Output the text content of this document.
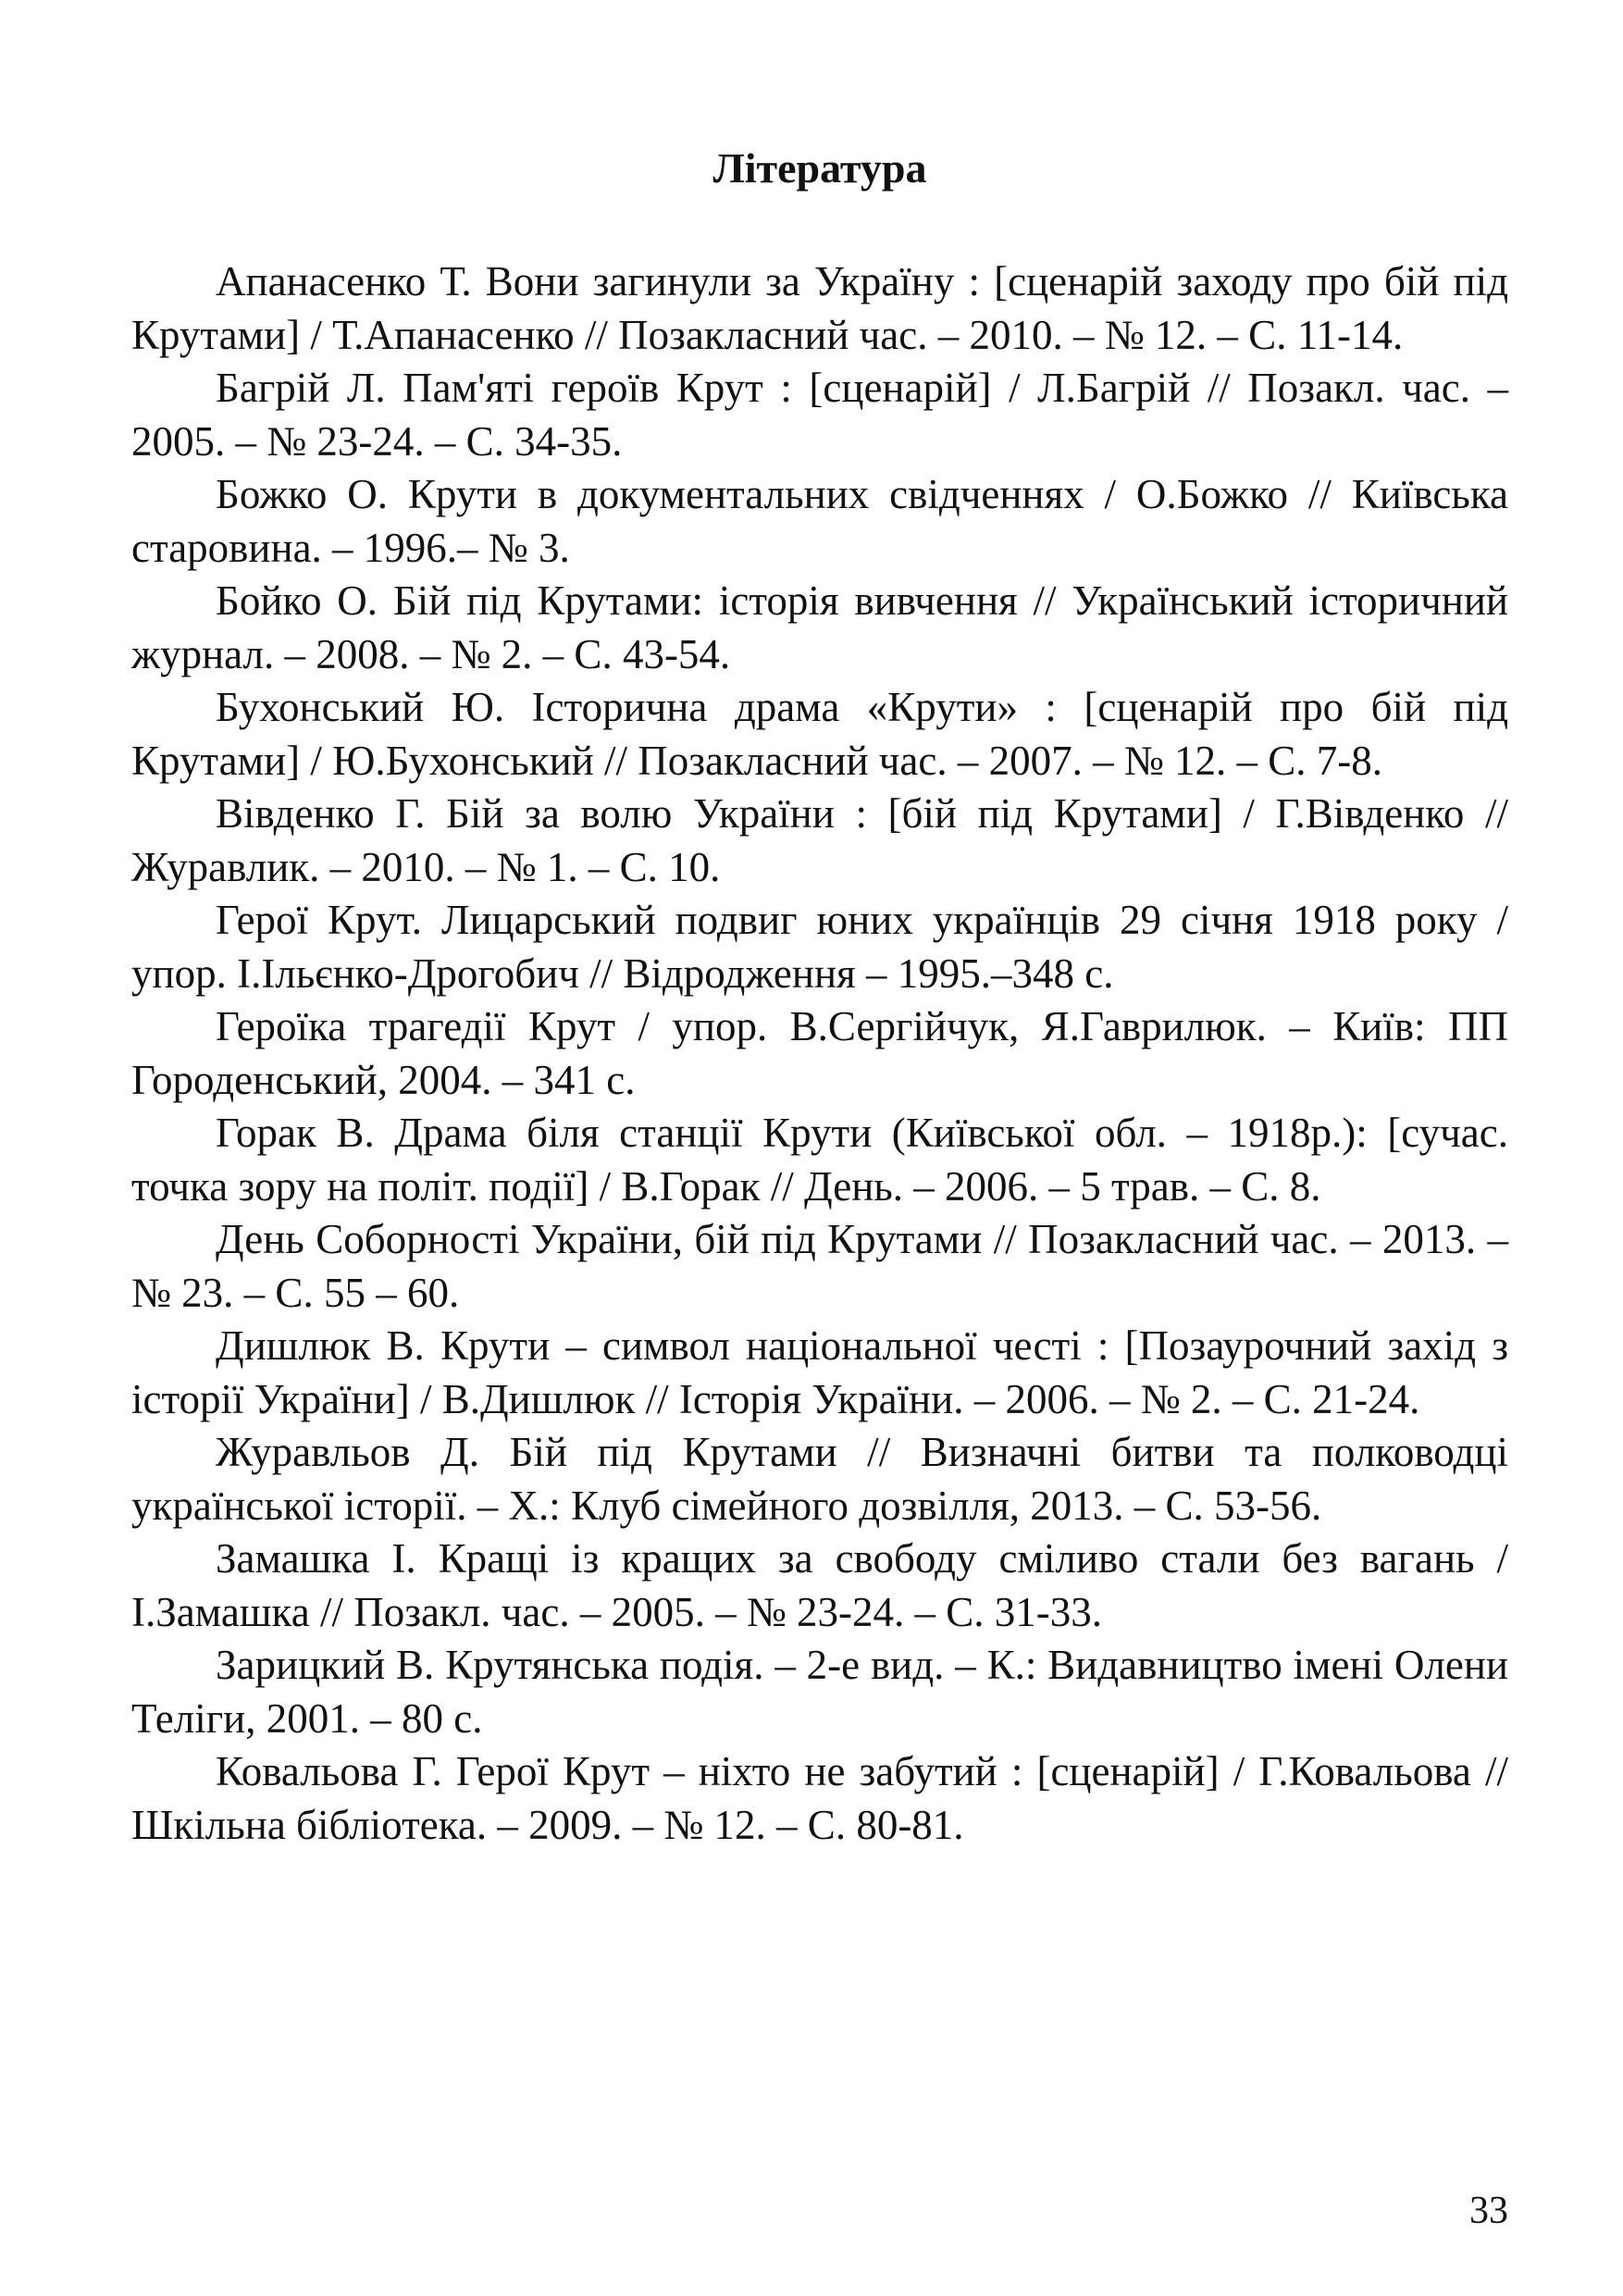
Література
Апанасенко Т. Вони загинули за Україну : [сценарій заходу про бій під Крутами] / Т.Апанасенко // Позакласний час. – 2010. – № 12. – С. 11-14.
Багрій Л. Пам'яті героїв Крут : [сценарій] / Л.Багрій // Позакл. час. – 2005. – № 23-24. – С. 34-35.
Божко О. Крути в документальних свідченнях / О.Божко // Київська старовина. – 1996.– № 3.
Бойко О. Бій під Крутами: історія вивчення // Український історичний журнал. – 2008. – № 2. – С. 43-54.
Бухонський Ю. Історична драма «Крути» : [сценарій про бій під Крутами] / Ю.Бухонський // Позакласний час. – 2007. – № 12. – С. 7-8.
Вівденко Г. Бій за волю України : [бій під Крутами] / Г.Вівденко // Журавлик. – 2010. – № 1. – С. 10.
Герої Крут. Лицарський подвиг юних українців 29 січня 1918 року / упор. І.Ільєнко-Дрогобич // Відродження – 1995.–348 с.
Героїка трагедії Крут / упор. В.Сергійчук, Я.Гаврилюк. – Київ: ПП Городенський, 2004. – 341 с.
Горак В. Драма біля станції Крути (Київської обл. – 1918р.): [сучас. точка зору на політ. події] / В.Горак // День. – 2006. – 5 трав. – С. 8.
День Соборності України, бій під Крутами // Позакласний час. – 2013. – № 23. – С. 55 – 60.
Дишлюк В. Крути – символ національної честі : [Позаурочний захід з історії України] / В.Дишлюк // Історія України. – 2006. – № 2. – С. 21-24.
Журавльов Д. Бій під Крутами // Визначні битви та полководці української історії. – Х.: Клуб сімейного дозвілля, 2013. – С. 53-56.
Замашка І. Кращі із кращих за свободу сміливо стали без вагань / І.Замашка // Позакл. час. – 2005. – № 23-24. – С. 31-33.
Зарицкий В. Крутянська подія. – 2-е вид. – К.: Видавництво імені Олени Теліги, 2001. – 80 с.
Ковальова Г. Герої Крут – ніхто не забутий : [сценарій] / Г.Ковальова // Шкільна бібліотека. – 2009. – № 12. – С. 80-81.
33
